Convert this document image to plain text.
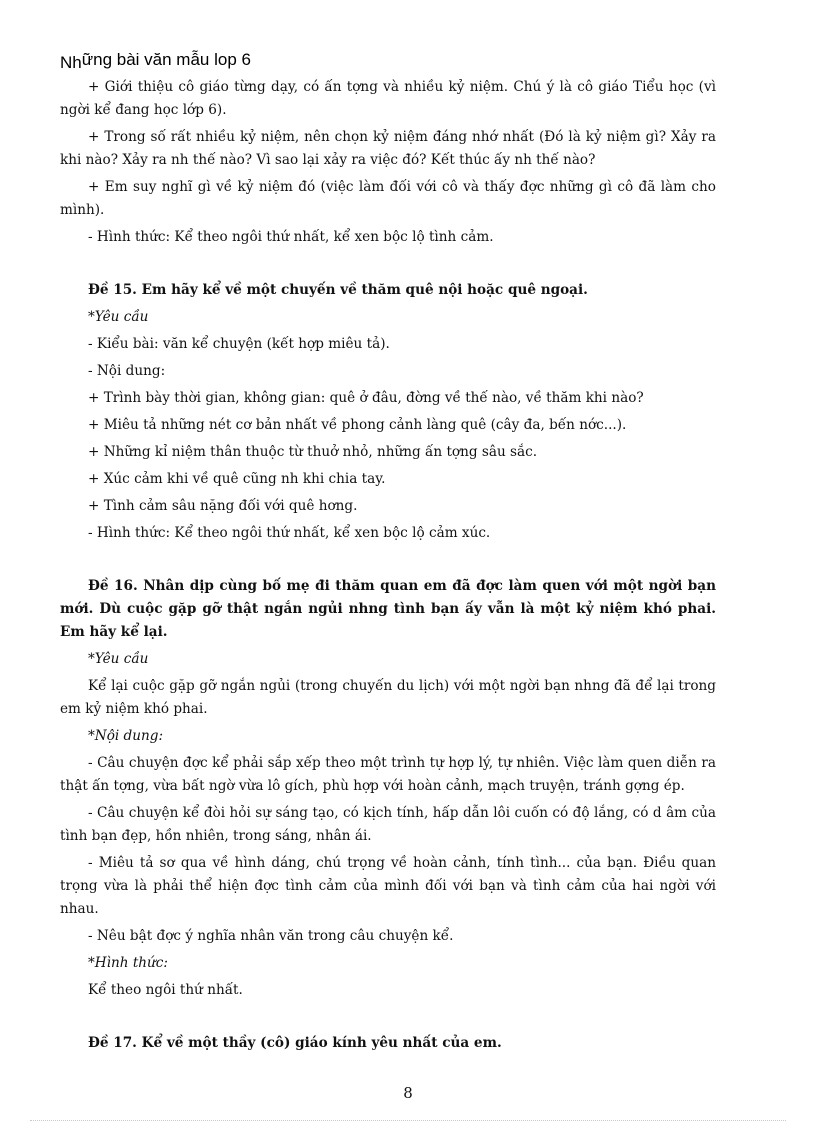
Những bài văn mẫu lop 6

+ Giới thiệu cô giáo từng dạy, có ấn tợng và nhiều kỷ niệm. Chú ý là cô giáo Tiểu học (vì ngời kể đang học lớp 6).

+ Trong số rất nhiều kỷ niệm, nên chọn kỷ niệm đáng nhớ nhất (Đó là kỷ niệm gì? Xảy ra khi nào? Xảy ra nh thế nào? Vì sao lại xảy ra việc đó? Kết thúc ấy nh thế nào?

+ Em suy nghĩ gì về kỷ niệm đó (việc làm đối với cô và thấy đợc những gì cô đã làm cho mình).

- Hình thức: Kể theo ngôi thứ nhất, kể xen bộc lộ tình cảm.

Đề 15. Em hãy kể về một chuyến về thăm quê nội hoặc quê ngoại.

*Yêu cầu

- Kiểu bài: văn kể chuyện (kết hợp miêu tả).

- Nội dung:

+ Trình bày thời gian, không gian: quê ở đâu, đờng về thế nào, về thăm khi nào?

+ Miêu tả những nét cơ bản nhất về phong cảnh làng quê (cây đa, bến nớc...).

+ Những kỉ niệm thân thuộc từ thuở nhỏ, những ấn tợng sâu sắc.

+ Xúc cảm khi về quê cũng nh khi chia tay.

+ Tình cảm sâu nặng đối với quê hơng.

- Hình thức: Kể theo ngôi thứ nhất, kể xen bộc lộ cảm xúc.

Đề 16. Nhân dịp cùng bố mẹ đi thăm quan em đã đợc làm quen với một ngời bạn mới. Dù cuộc gặp gỡ thật ngắn ngủi nhng tình bạn ấy vẫn là một kỷ niệm khó phai. Em hãy kể lại.

*Yêu cầu

Kể lại cuộc gặp gỡ ngắn ngủi (trong chuyến du lịch) với một ngời bạn nhng đã để lại trong em kỷ niệm khó phai.

*Nội dung:

- Câu chuyện đợc kể phải sắp xếp theo một trình tự hợp lý, tự nhiên. Việc làm quen diễn ra thật ấn tợng, vừa bất ngờ vừa lô gích, phù hợp với hoàn cảnh, mạch truyện, tránh gợng ép.

- Câu chuyện kể đòi hỏi sự sáng tạo, có kịch tính, hấp dẫn lôi cuốn có độ lắng, có d âm của tình bạn đẹp, hồn nhiên, trong sáng, nhân ái.

- Miêu tả sơ qua về hình dáng, chú trọng về hoàn cảnh, tính tình... của bạn. Điều quan trọng vừa là phải thể hiện đợc tình cảm của mình đối với bạn và tình cảm của hai ngời với nhau.

- Nêu bật đợc ý nghĩa nhân văn trong câu chuyện kể.

*Hình thức:

Kể theo ngôi thứ nhất.

Đề 17. Kể về một thầy (cô) giáo kính yêu nhất của em.

8
